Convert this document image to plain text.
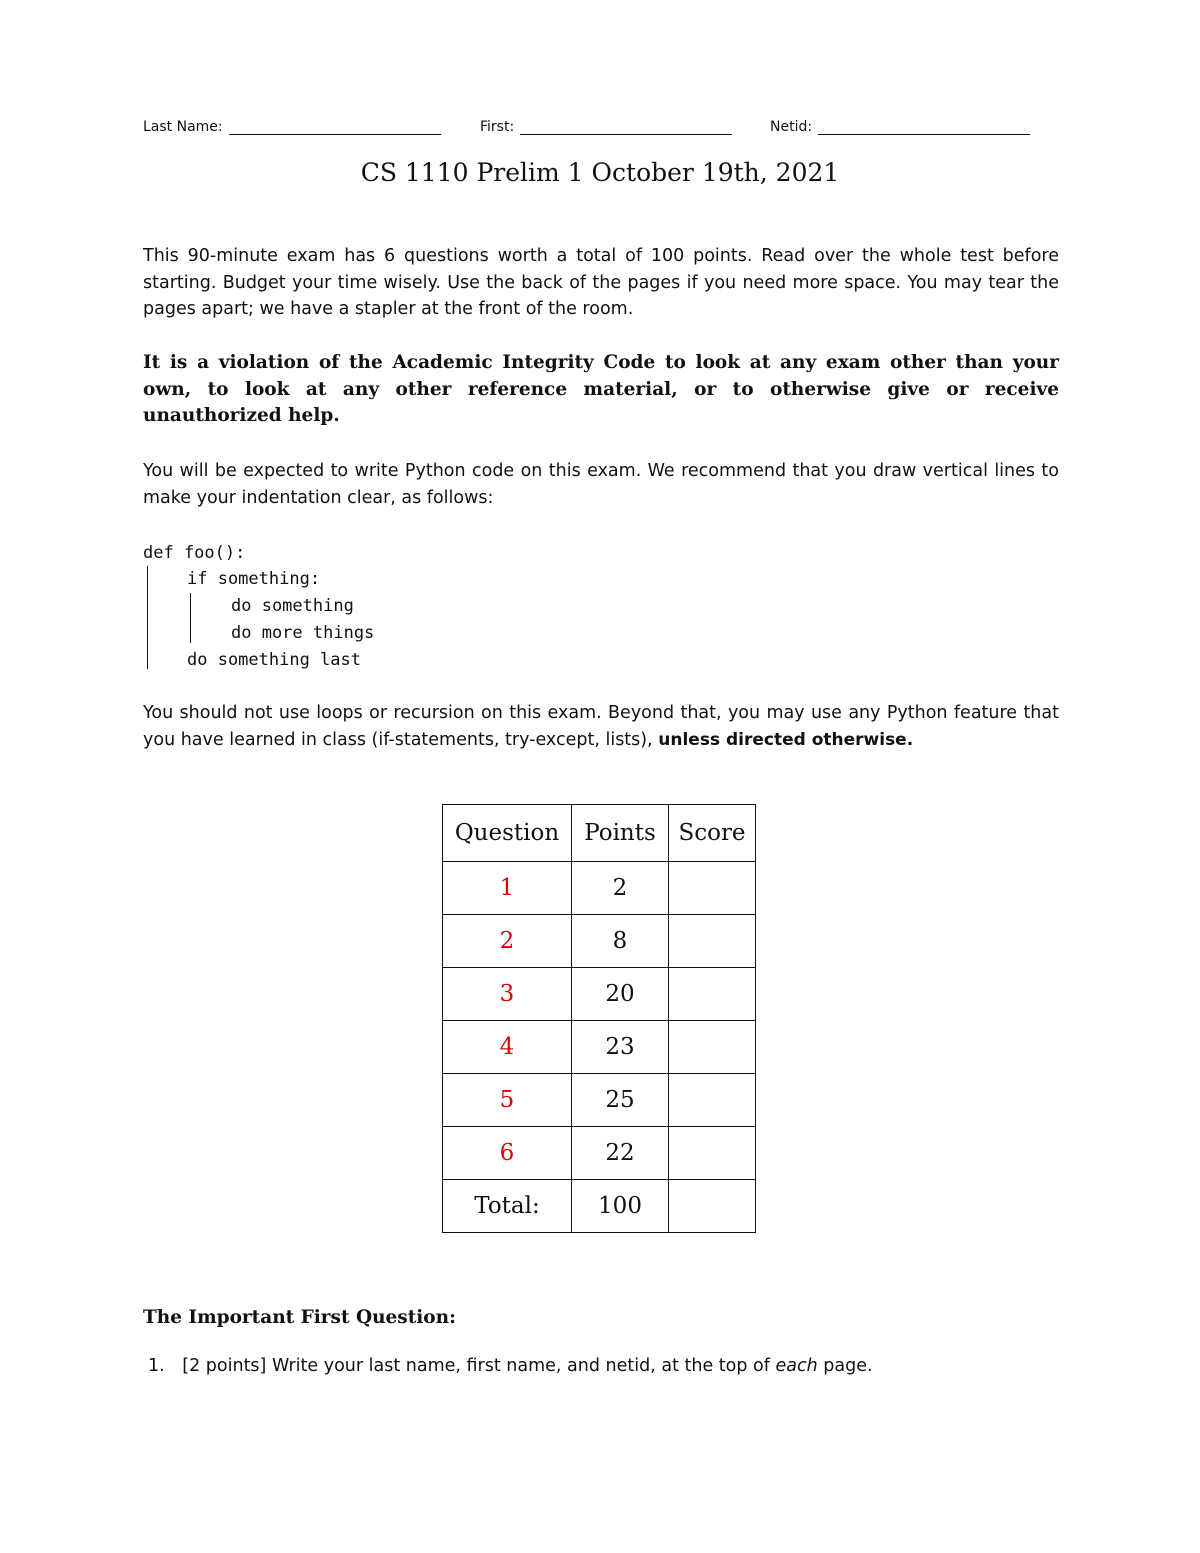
Last Name:	First:	Netid:
CS 1110 Prelim 1 October 19th, 2021
This 90-minute exam has 6 questions worth a total of 100 points. Read over the whole test before starting. Budget your time wisely. Use the back of the pages if you need more space. You may tear the pages apart; we have a stapler at the front of the room.
It is a violation of the Academic Integrity Code to look at any exam other than your own, to look at any other reference material, or to otherwise give or receive unauthorized help.
You will be expected to write Python code on this exam. We recommend that you draw vertical lines to make your indentation clear, as follows:
def foo():
if something:
do something
do more things
do something last
You should not use loops or recursion on this exam. Beyond that, you may use any Python feature that you have learned in class (if-statements, try-except, lists), unless directed otherwise.
Question	Points	Score
1	2	
2	8	
3	20	
4	23	
5	25	
6	22	
Total:	100	
The Important First Question:
1. [2 points] Write your last name, first name, and netid, at the top of each page.
